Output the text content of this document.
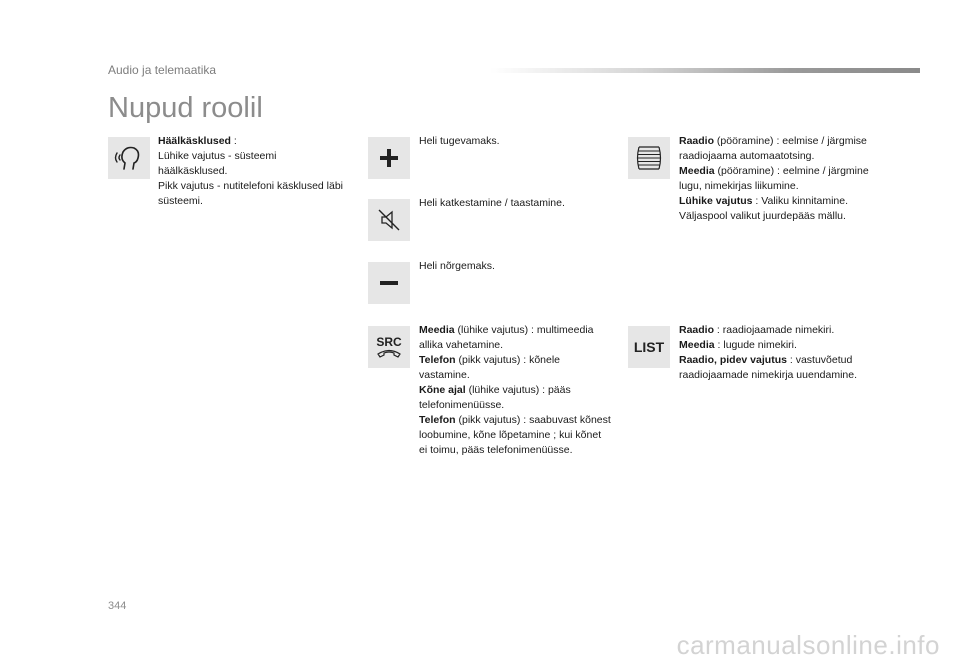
Audio ja telemaatika
Nupud roolil

Häälkäsklused :

Lühike vajutus - süsteemi häälkäsklused.

Pikk vajutus - nutitelefoni käsklused läbi süsteemi.

Heli tugevamaks.
Heli katkestamine / taastamine.
Heli nõrgemaks.
SRC

Meedia (lühike vajutus) : multimeedia allika vahetamine.

Telefon (pikk vajutus) : kõnele vastamine.

Kõne ajal (lühike vajutus) : pääs telefonimenüüsse.

Telefon (pikk vajutus) : saabuvast kõnest loobumine, kõne lõpetamine ; kui kõnet ei toimu, pääs telefonimenüüsse.

Raadio (pööramine) : eelmise / järgmise raadiojaama automaatotsing.

Meedia (pööramine) : eelmine / järgmine lugu, nimekirjas liikumine.

Lühike vajutus : Valiku kinnitamine. Väljaspool valikut juurdepääs mällu.

LIST

Raadio : raadiojaamade nimekiri.

Meedia : lugude nimekiri.

Raadio, pidev vajutus : vastuvõetud raadiojaamade nimekirja uuendamine.

344
carmanualsonline.info
